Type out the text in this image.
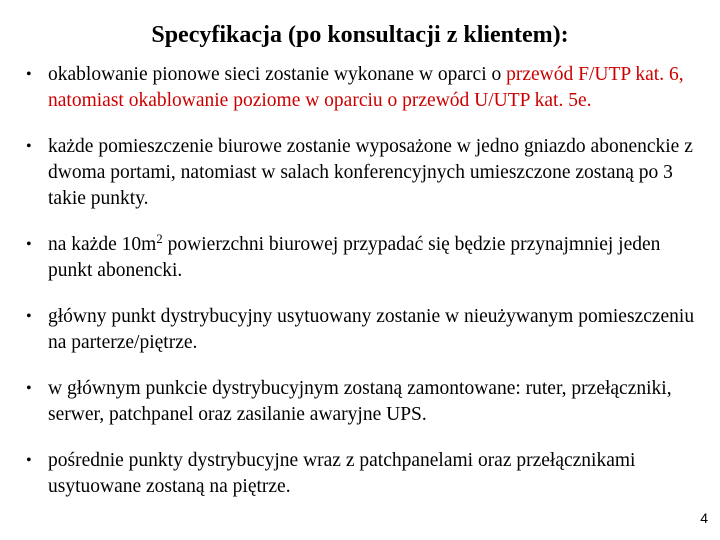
Specyfikacja (po konsultacji z klientem):
• okablowanie pionowe sieci zostanie wykonane w oparci o przewód F/UTP kat. 6, natomiast okablowanie poziome w oparciu o przewód U/UTP kat. 5e.
• każde pomieszczenie biurowe zostanie wyposażone w jedno gniazdo abonenckie z dwoma portami, natomiast w salach konferencyjnych umieszczone zostaną po 3 takie punkty.
• na każde $10m^2$ powierzchni biurowej przypadać się będzie przynajmniej jeden punkt abonencki.
• główny punkt dystrybucyjny usytuowany zostanie w nieużywanym pomieszczeniu na parterze/piętrze.
• w głównym punkcie dystrybucyjnym zostaną zamontowane: ruter, przełączniki, serwer, patchpanel oraz zasilanie awaryjne UPS.
• pośrednie punkty dystrybucyjne wraz z patchpanelami oraz przełącznikami usytuowane zostaną na piętrze.
4
